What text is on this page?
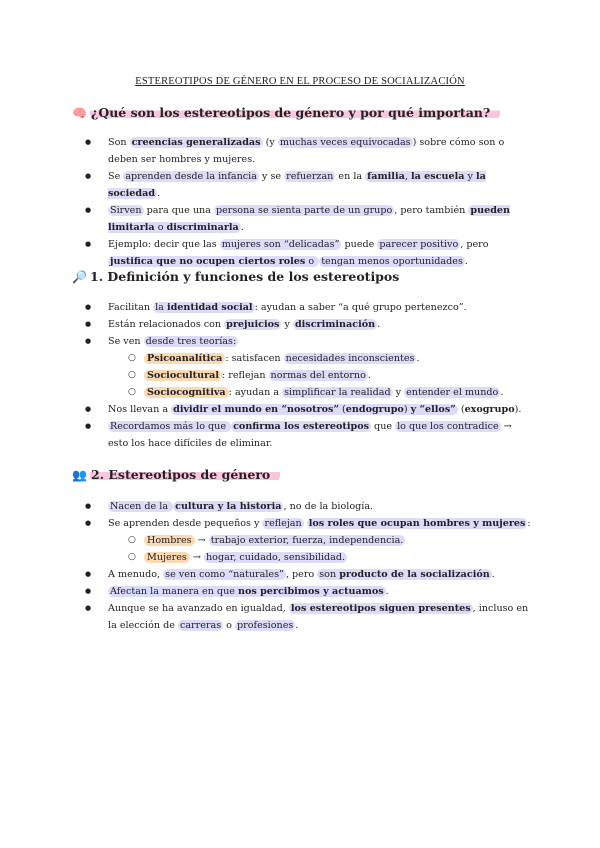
ESTEREOTIPOS DE GÉNERO EN EL PROCESO DE SOCIALIZACIÓN
🧠 ¿Qué son los estereotipos de género y por qué importan?
● Son creencias generalizadas (y muchas veces equivocadas ) sobre cómo son o deben ser hombres y mujeres.
● Se aprenden desde la infancia y se refuerzan en la familia, la escuela y la sociedad .
● Sirven para que una persona se sienta parte de un grupo , pero también pueden limitarla o discriminarla .
● Ejemplo: decir que las mujeres son “delicadas” puede parecer positivo , pero justifica que no ocupen ciertos roles o tengan menos oportunidades .
🔎 1. Definición y funciones de los estereotipos
● Facilitan la identidad social : ayudan a saber “a qué grupo pertenezco”.
● Están relacionados con prejuicios y discriminación .
● Se ven desde tres teorías:
○ Psicoanalítica : satisfacen necesidades inconscientes .
○ Sociocultural : reflejan normas del entorno .
○ Sociocognitiva : ayudan a simplificar la realidad y entender el mundo .
● Nos llevan a dividir el mundo en “nosotros” (endogrupo) y “ellos” (exogrupo).
● Recordamos más lo que confirma los estereotipos que lo que los contradice → esto los hace difíciles de eliminar.
👥 2. Estereotipos de género
● Nacen de la cultura y la historia , no de la biología.
● Se aprenden desde pequeños y reflejan los roles que ocupan hombres y mujeres :
○ Hombres → trabajo exterior, fuerza, independencia.
○ Mujeres → hogar, cuidado, sensibilidad.
● A menudo, se ven como “naturales” , pero son producto de la socialización .
● Afectan la manera en que nos percibimos y actuamos .
● Aunque se ha avanzado en igualdad, los estereotipos siguen presentes , incluso en la elección de carreras o profesiones .
